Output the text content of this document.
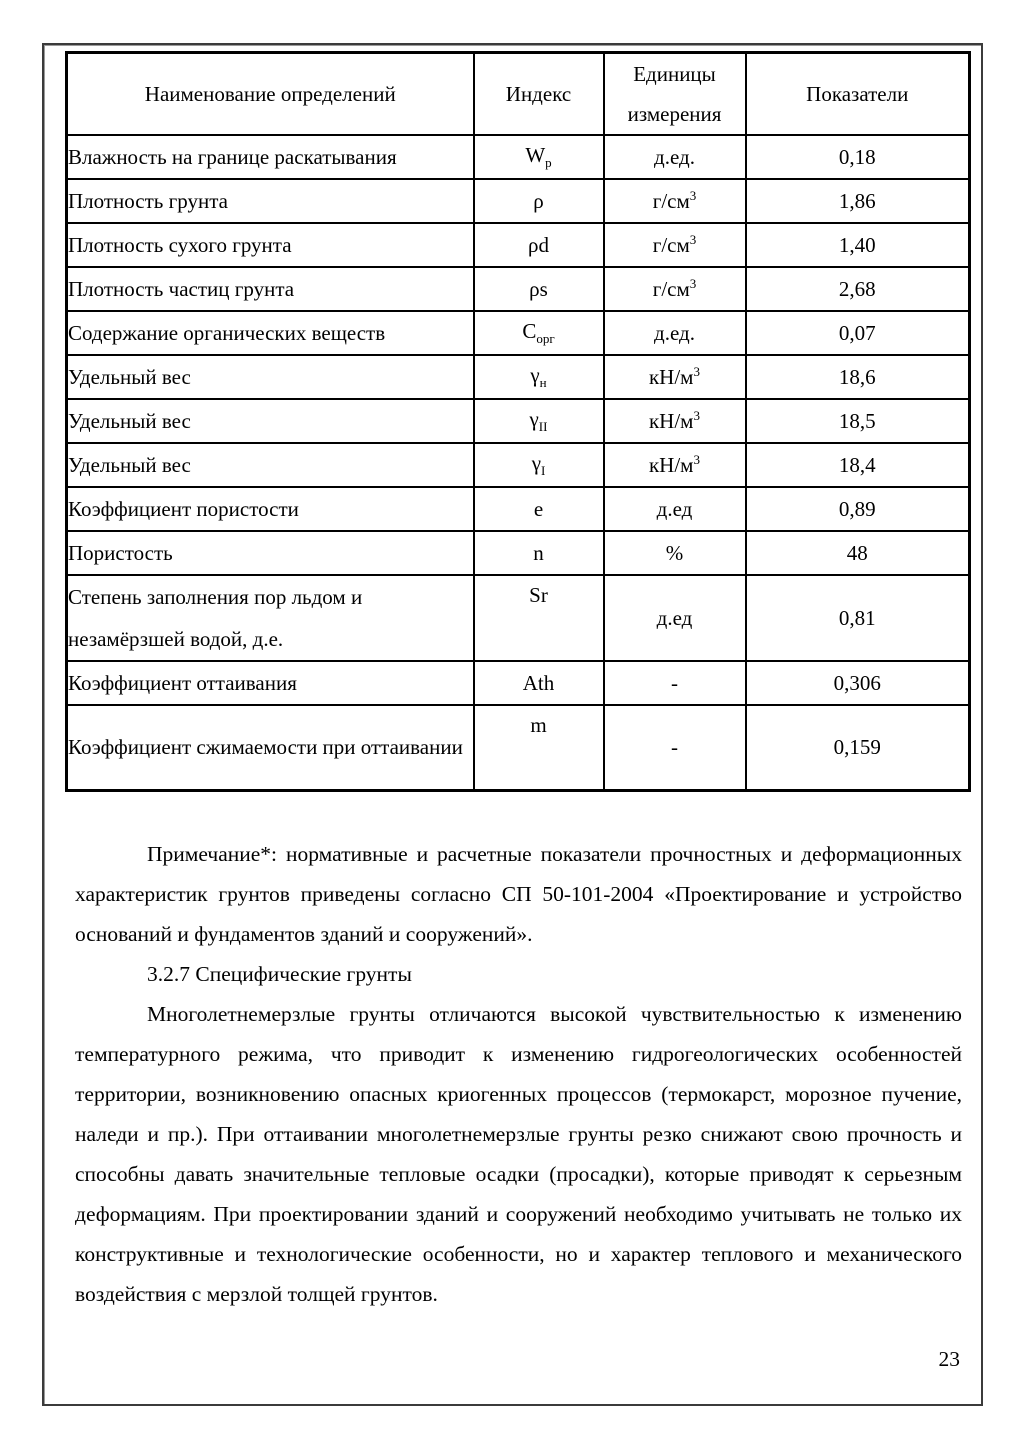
Наименование определений	Индекс	Единицы измерения	Показатели
Влажность на границе раскатывания	$W_p$	д.ед.	0,18
Плотность грунта	ρ	$г/см^3$	1,86
Плотность сухого грунта	ρd	$г/см^3$	1,40
Плотность частиц грунта	ρs	$г/см^3$	2,68
Содержание органических веществ	$C_{орг}$	д.ед.	0,07
Удельный вес	$\gamma_н$	$кН/м^3$	18,6
Удельный вес	$\gamma_{II}$	$кН/м^3$	18,5
Удельный вес	$\gamma_I$	$кН/м^3$	18,4
Коэффициент пористости	e	д.ед	0,89
Пористость	n	%	48
Степень заполнения пор льдом и незамёрзшей водой, д.е.	Sr	д.ед	0,81
Коэффициент оттаивания	Ath	-	0,306
Коэффициент сжимаемости при оттаивании	m	-	0,159

Примечание*: нормативные и расчетные показатели прочностных и деформационных характеристик грунтов приведены согласно СП 50-101-2004 «Проектирование и устройство оснований и фундаментов зданий и сооружений».

3.2.7 Специфические грунты

Многолетнемерзлые грунты отличаются высокой чувствительностью к изменению температурного режима, что приводит к изменению гидрогеологических особенностей территории, возникновению опасных криогенных процессов (термокарст, морозное пучение, наледи и пр.). При оттаивании многолетнемерзлые грунты резко снижают свою прочность и способны давать значительные тепловые осадки (просадки), которые приводят к серьезным деформациям. При проектировании зданий и сооружений необходимо учитывать не только их конструктивные и технологические особенности, но и характер теплового и механического воздействия с мерзлой толщей грунтов.

23
